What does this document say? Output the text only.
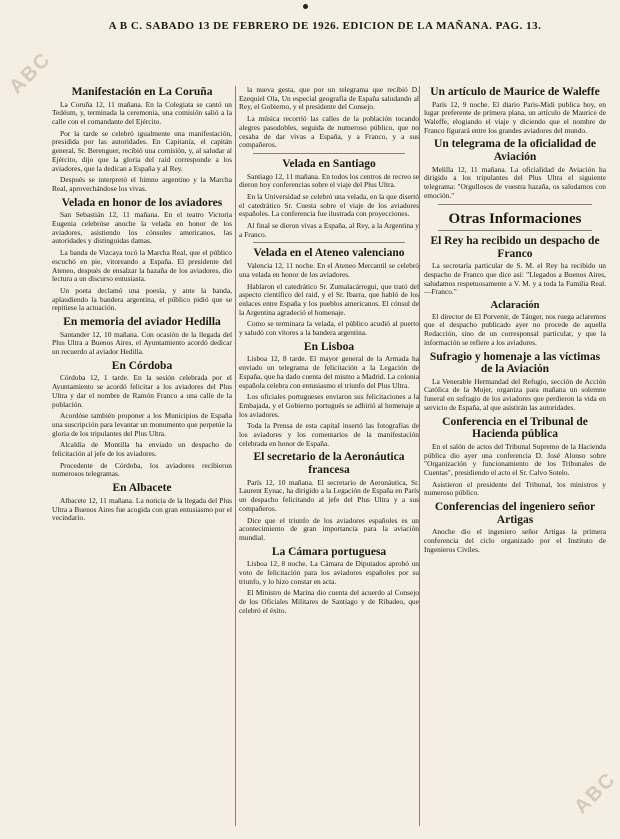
ABC
ABC
A B C. SABADO 13 DE FEBRERO DE 1926. EDICION DE LA MAÑANA. PAG. 13.
Manifestación en La Coruña

La Coruña 12, 11 mañana. En la Colegiata se cantó un Tedéum, y, terminada la ceremonia, una comisión salió a la calle con el comandante del Ejército.

Por la tarde se celebró igualmente una manifestación, presidida por las autoridades. En Capitanía, el capitán general, Sr. Berenguer, recibió una comisión, y, al saludar al Ejército, dijo que la gloria del raid corresponde a los aviadores, que la dedican a España y al Rey.

Después se interpretó el himno argentino y la Marcha Real, aprovechándose los vivas.

Velada en honor de los aviadores

San Sebastián 12, 11 mañana. En el teatro Victoria Eugenia celebróse anoche la velada en honor de los aviadores, asistiendo los cónsules americanos, las autoridades y distinguidas damas.

La banda de Vizcaya tocó la Marcha Real, que el público escuchó en pie, vitoreando a España. El presidente del Ateneo, después de ensalzar la hazaña de los aviadores, dio lectura a un discurso entusiasta.

Un poeta declamó una poesía, y ante la banda, aplaudiendo la bandera argentina, el público pidió que se repitiese la actuación.

En memoria del aviador Hedilla

Santander 12, 10 mañana. Con ocasión de la llegada del Plus Ultra a Buenos Aires, el Ayuntamiento acordó dedicar un recuerdo al aviador Hedilla.

En Córdoba

Córdoba 12, 1 tarde. En la sesión celebrada por el Ayuntamiento se acordó felicitar a los aviadores del Plus Ultra y dar el nombre de Ramón Franco a una calle de la población.

Acordóse también proponer a los Municipios de España una suscripción para levantar un monumento que perpetúe la gloria de los tripulantes del Plus Ultra.

Alcaldía de Montilla ha enviado un despacho de felicitación al jefe de los aviadores.

Procedente de Córdoba, los aviadores recibieron numerosos telegramas.

En Albacete

Albacete 12, 11 mañana. La noticia de la llegada del Plus Ultra a Buenos Aires fue acogida con gran entusiasmo por el vecindario.

la nueva gesta, que por un telegrama que recibió D. Ezequiel Ola, Un especial geografía de España saludando al Rey, el Gobierno, y el presidente del Consejo.

La música recorrió las calles de la población tocando alegres pasodobles, seguida de numeroso público, que no cesaba de dar vivas a España, y a Franco, y a sus compañeros.

Velada en Santiago

Santiago 12, 11 mañana. En todos los centros de recreo se dieron hoy conferencias sobre el viaje del Plus Ultra.

En la Universidad se celebró una velada, en la que disertó el catedrático Sr. Cuesta sobre el viaje de los aviadores españoles. La conferencia fue ilustrada con proyecciones.

Al final se dieron vivas a España, al Rey, a la Argentina y a Franco.

Velada en el Ateneo valenciano

Valencia 12, 11 noche. En el Ateneo Mercantil se celebró una velada en honor de los aviadores.

Hablaron el catedrático Sr. Zumalacárregui, que trató del aspecto científico del raid, y el Sr. Ibarra, que habló de los enlaces entre España y los pueblos americanos. El cónsul de la Argentina agradeció el homenaje.

Como se terminara la velada, el público acudió al puerto y saludó con vítores a la bandera argentina.

En Lisboa

Lisboa 12, 8 tarde. El mayor general de la Armada ha enviado un telegrama de felicitación a la Legación de España, que ha dado cuenta del mismo a Madrid. La colonia española celebra con entusiasmo el triunfo del Plus Ultra.

Los oficiales portugueses enviaron sus felicitaciones a la Embajada, y el Gobierno portugués se adhirió al homenaje a los aviadores.

Toda la Prensa de esta capital insertó las fotografías de los aviadores y los comentarios de la manifestación celebrada en honor de España.

El secretario de la Aeronáutica francesa

París 12, 10 mañana. El secretario de Aeronáutica, Sr. Laurent Eynac, ha dirigido a la Legación de España en París un despacho felicitando al jefe del Plus Ultra y a sus compañeros.

Dice que el triunfo de los aviadores españoles es un acontecimiento de gran importancia para la aviación mundial.

La Cámara portuguesa

Lisboa 12, 8 noche. La Cámara de Diputados aprobó un voto de felicitación para los aviadores españoles por su triunfo, y lo hizo constar en acta.

El Ministro de Marina dio cuenta del acuerdo al Consejo de los Oficiales Militares de Santiago y de Ribadeo, que celebró el éxito.

Un artículo de Maurice de Waleffe

París 12, 9 noche. El diario Paris-Midi publica hoy, en lugar preferente de primera plana, un artículo de Maurice de Waleffe, elogiando el viaje y diciendo que el nombre de Franco figurará entre los grandes aviadores del mundo.

Un telegrama de la oficialidad de Aviación

Melilla 12, 11 mañana. La oficialidad de Aviación ha dirigido a los tripulantes del Plus Ultra el siguiente telegrama: "Orgullosos de vuestra hazaña, os saludamos con emoción."

Otras Informaciones
El Rey ha recibido un despacho de Franco

La secretaría particular de S. M. el Rey ha recibido un despacho de Franco que dice así: "Llegados a Buenos Aires, saludamos respetuosamente a V. M. y a toda la Familia Real.—Franco."

Aclaración

El director de El Porvenir, de Tánger, nos ruega aclaremos que el despacho publicado ayer no procede de aquella Redacción, sino de un corresponsal particular, y que la información se refiere a los aviadores.

Sufragio y homenaje a las víctimas de la Aviación

La Venerable Hermandad del Refugio, sección de Acción Católica de la Mujer, organiza para mañana un solemne funeral en sufragio de los aviadores que perdieron la vida en servicio de España, al que asistirán las autoridades.

Conferencia en el Tribunal de Hacienda pública

En el salón de actos del Tribunal Supremo de la Hacienda pública dio ayer una conferencia D. José Alonso sobre "Organización y funcionamiento de los Tribunales de Cuentas", presidiendo el acto el Sr. Calvo Sotelo.

Asistieron el presidente del Tribunal, los ministros y numeroso público.

Conferencias del ingeniero señor Artigas

Anoche dio el ingeniero señor Artigas la primera conferencia del ciclo organizado por el Instituto de Ingenieros Civiles.
